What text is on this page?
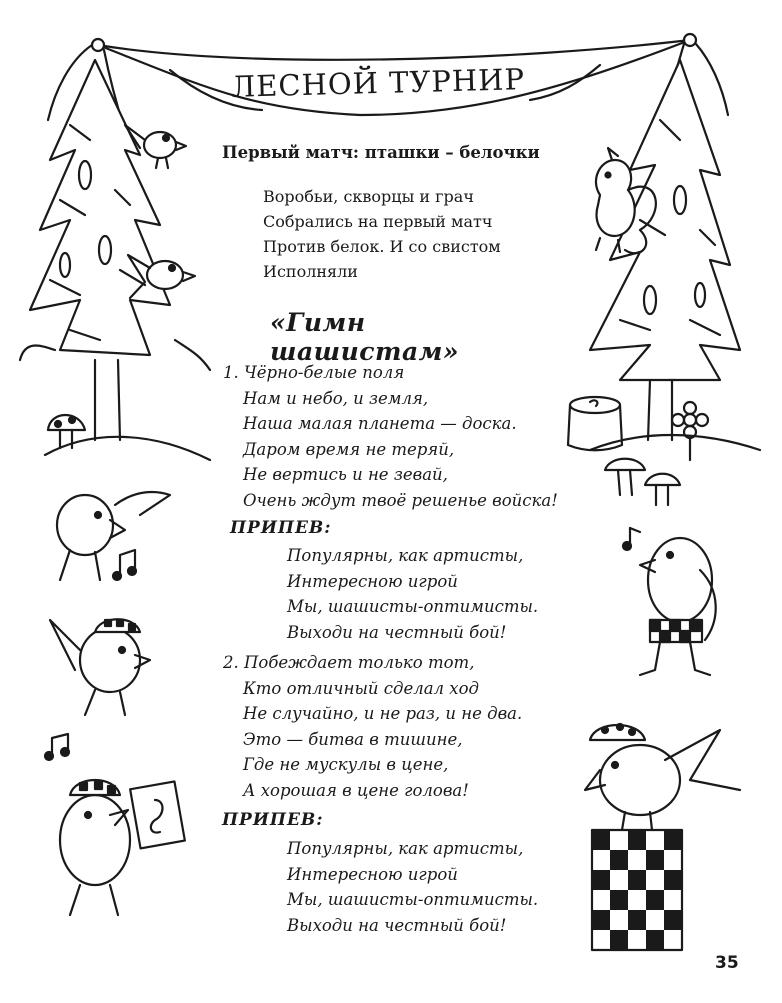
ЛЕСНОЙ ТУРНИР
Первый матч: пташки – белочки
Воробьи, скворцы и грач
Собрались на первый матч
Против белок. И со свистом
Исполняли
«Гимн шашистам»
1. Чёрно-белые поля
Нам и небо, и земля,
Наша малая планета — доска.
Даром время не теряй,
Не вертись и не зевай,
Очень ждут твоё решенье войска!
ПРИПЕВ:
Популярны, как артисты,
Интересною игрой
Мы, шашисты-оптимисты.
Выходи на честный бой!
2. Побеждает только тот,
Кто отличный сделал ход
Не случайно, и не раз, и не два.
Это — битва в тишине,
Где не мускулы в цене,
А хорошая в цене голова!
ПРИПЕВ:
Популярны, как артисты,
Интересною игрой
Мы, шашисты-оптимисты.
Выходи на честный бой!
35
